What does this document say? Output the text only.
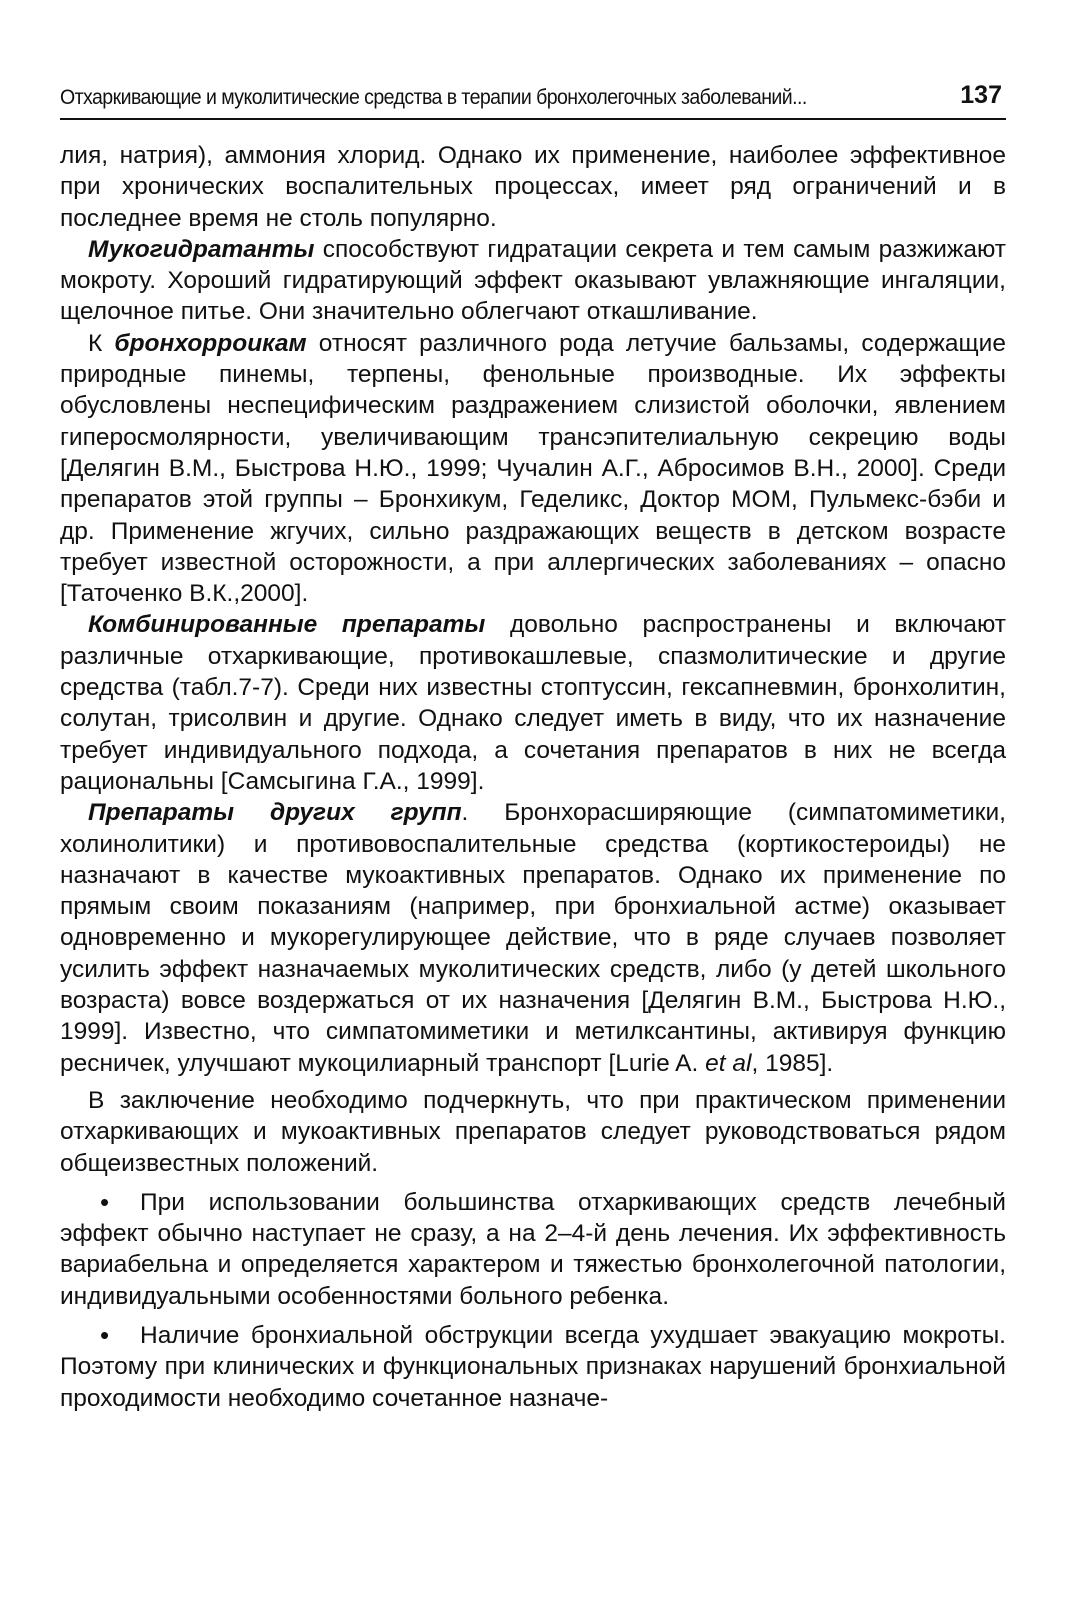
Отхаркивающие и муколитические средства в терапии бронхолегочных заболеваний...	137

лия, натрия), аммония хлорид. Однако их применение, наиболее эффективное при хронических воспалительных процессах, имеет ряд ограничений и в последнее время не столь популярно.

Мукогидратанты способствуют гидратации секрета и тем самым разжижают мокроту. Хороший гидратирующий эффект оказывают увлажняющие ингаляции, щелочное питье. Они значительно облегчают откашливание.

К бронхорроикам относят различного рода летучие бальзамы, содержащие природные пинемы, терпены, фенольные производные. Их эффекты обусловлены неспецифическим раздражением слизистой оболочки, явлением гиперосмолярности, увеличивающим трансэпителиальную секрецию воды [Делягин В.М., Быстрова Н.Ю., 1999; Чучалин А.Г., Абросимов В.Н., 2000]. Среди препаратов этой группы – Бронхикум, Геделикс, Доктор МОМ, Пульмекс-бэби и др. Применение жгучих, сильно раздражающих веществ в детском возрасте требует известной осторожности, а при аллергических заболеваниях – опасно [Таточенко В.К.,2000].

Комбинированные препараты довольно распространены и включают различные отхаркивающие, противокашлевые, спазмолитические и другие средства (табл.7-7). Среди них известны стоптуссин, гексапневмин, бронхолитин, солутан, трисолвин и другие. Однако следует иметь в виду, что их назначение требует индивидуального подхода, а сочетания препаратов в них не всегда рациональны [Самсыгина Г.А., 1999].

Препараты других групп. Бронхорасширяющие (симпатомиметики, холинолитики) и противовоспалительные средства (кортикостероиды) не назначают в качестве мукоактивных препаратов. Однако их применение по прямым своим показаниям (например, при бронхиальной астме) оказывает одновременно и мукорегулирующее действие, что в ряде случаев позволяет усилить эффект назначаемых муколитических средств, либо (у детей школьного возраста) вовсе воздержаться от их назначения [Делягин В.М., Быстрова Н.Ю., 1999]. Известно, что симпатомиметики и метилксантины, активируя функцию ресничек, улучшают мукоцилиарный транспорт [Lurie A. et al, 1985].

В заключение необходимо подчеркнуть, что при практическом применении отхаркивающих и мукоактивных препаратов следует руководствоваться рядом общеизвестных положений.

• При использовании большинства отхаркивающих средств лечебный эффект обычно наступает не сразу, а на 2–4-й день лечения. Их эффективность вариабельна и определяется характером и тяжестью бронхолегочной патологии, индивидуальными особенностями больного ребенка.

• Наличие бронхиальной обструкции всегда ухудшает эвакуацию мокроты. Поэтому при клинических и функциональных признаках нарушений бронхиальной проходимости необходимо сочетанное назначе-
